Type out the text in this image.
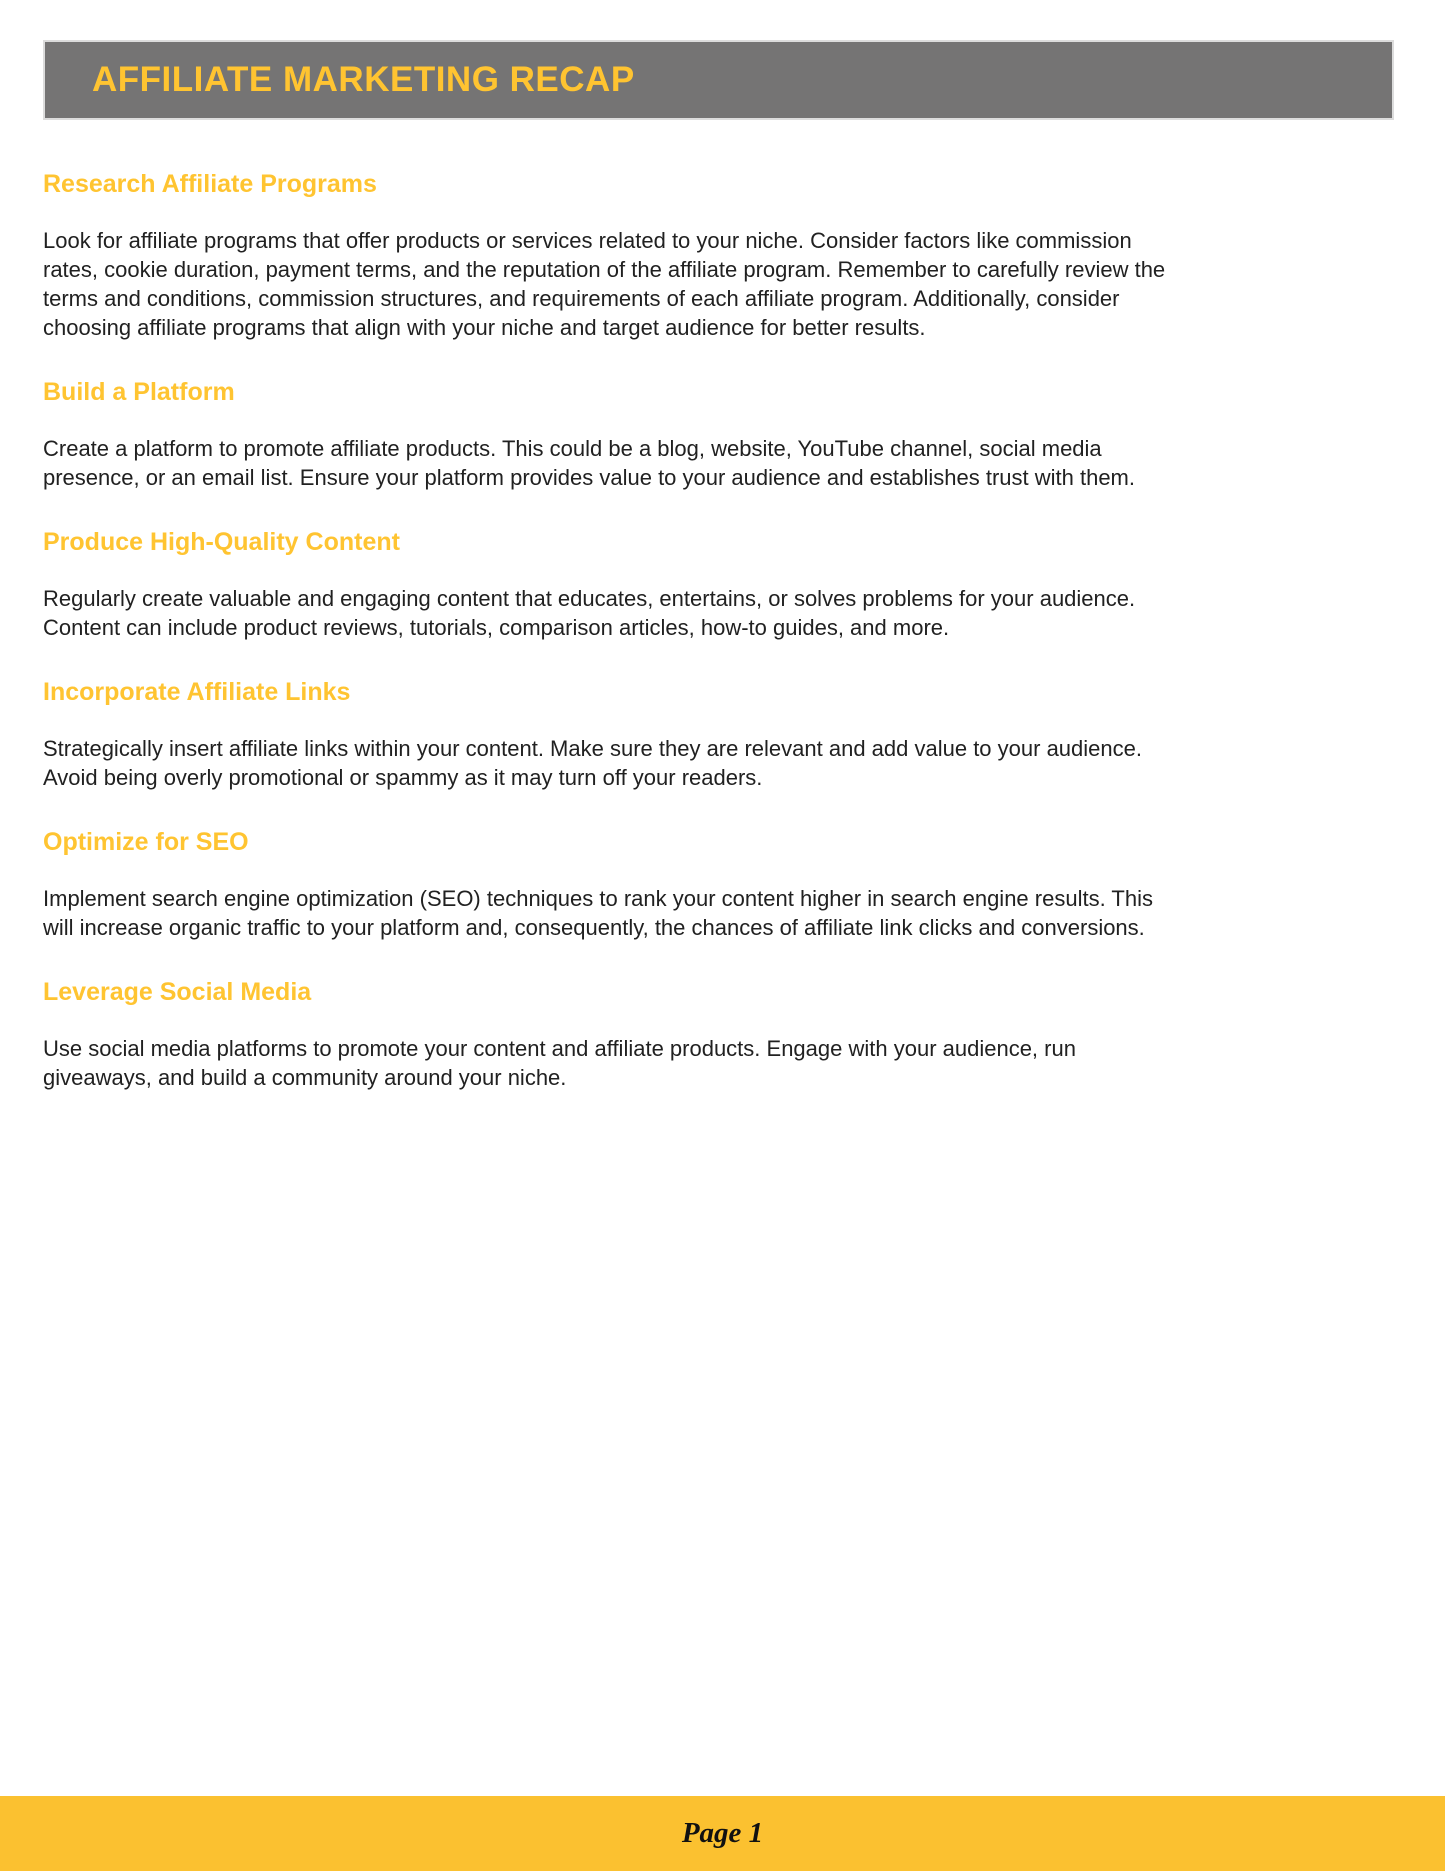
AFFILIATE MARKETING RECAP
Research Affiliate Programs

Look for affiliate programs that offer products or services related to your niche. Consider factors like commission rates, cookie duration, payment terms, and the reputation of the affiliate program. Remember to carefully review the terms and conditions, commission structures, and requirements of each affiliate program. Additionally, consider choosing affiliate programs that align with your niche and target audience for better results.

Build a Platform

Create a platform to promote affiliate products. This could be a blog, website, YouTube channel, social media presence, or an email list. Ensure your platform provides value to your audience and establishes trust with them.

Produce High-Quality Content

Regularly create valuable and engaging content that educates, entertains, or solves problems for your audience. Content can include product reviews, tutorials, comparison articles, how-to guides, and more.

Incorporate Affiliate Links

Strategically insert affiliate links within your content. Make sure they are relevant and add value to your audience. Avoid being overly promotional or spammy as it may turn off your readers.

Optimize for SEO

Implement search engine optimization (SEO) techniques to rank your content higher in search engine results. This will increase organic traffic to your platform and, consequently, the chances of affiliate link clicks and conversions.

Leverage Social Media

Use social media platforms to promote your content and affiliate products. Engage with your audience, run giveaways, and build a community around your niche.

Page 1
